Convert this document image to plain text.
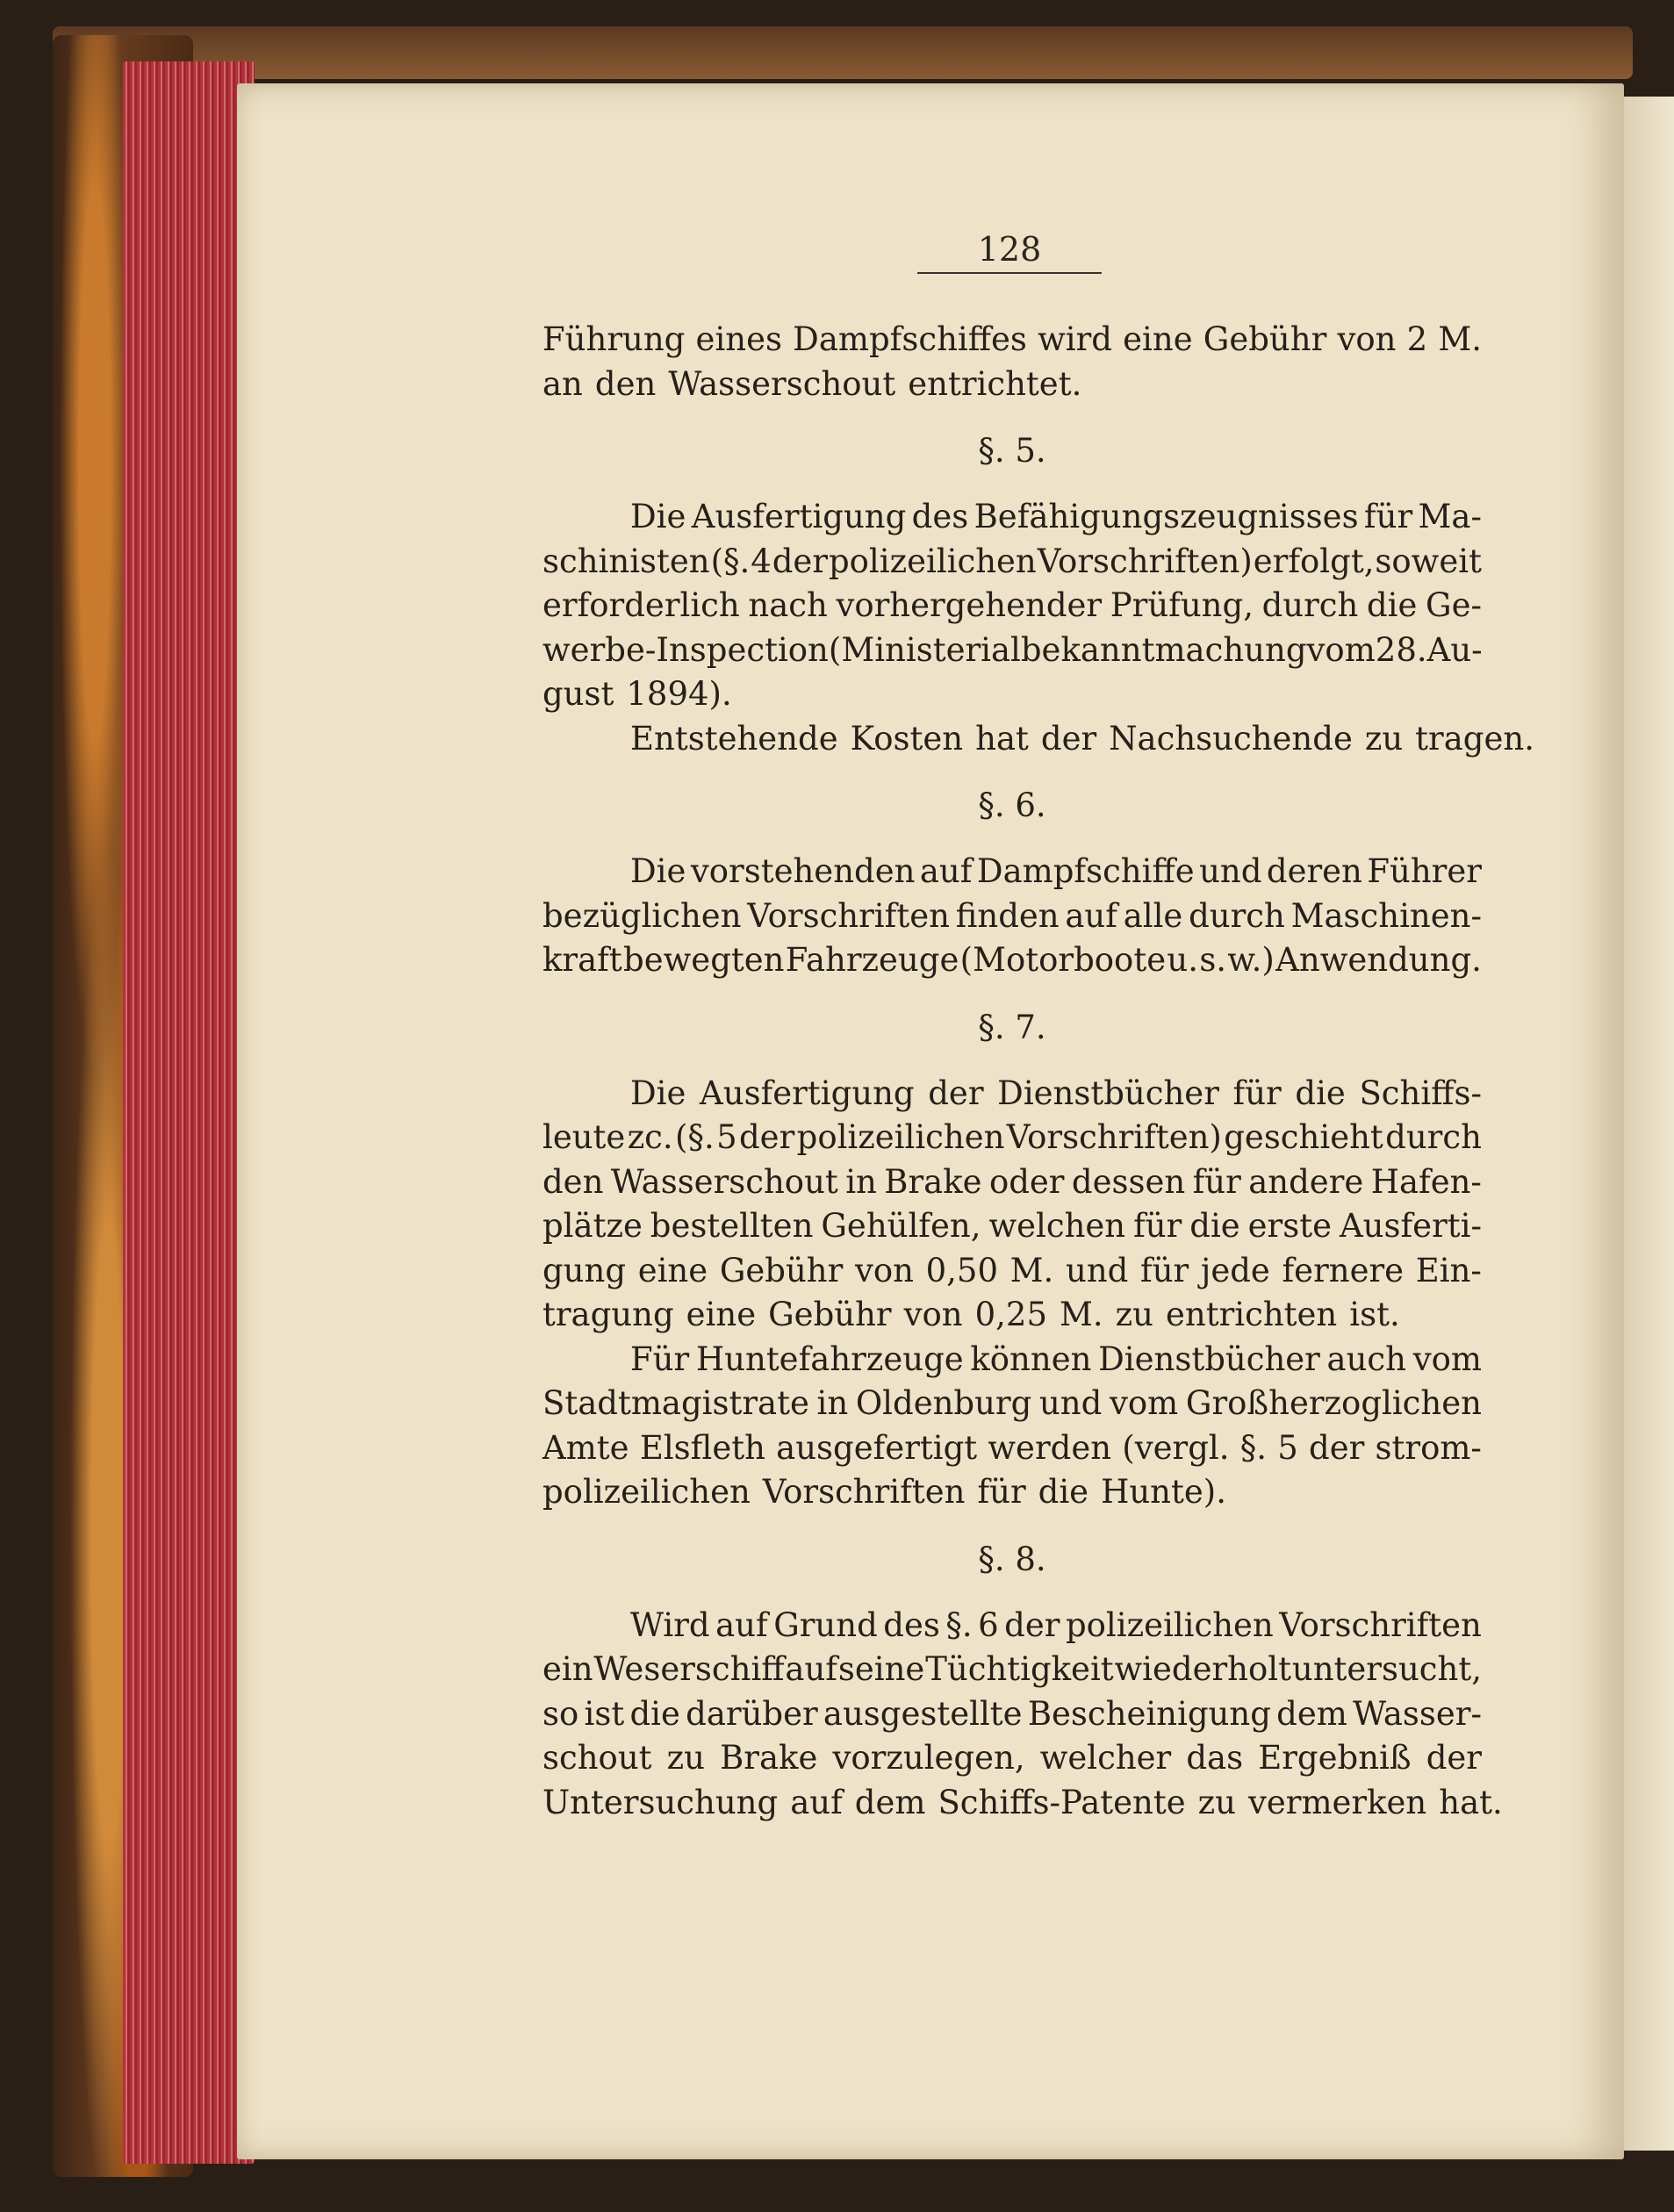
128
Führung eines Dampfschiffes wird eine Gebühr von 2 M.
an den Wasserschout entrichtet.
§. 5.
Die Ausfertigung des Befähigungszeugnisses für Ma-
schinisten (§. 4 der polizeilichen Vorschriften) erfolgt, soweit
erforderlich nach vorhergehender Prüfung, durch die Ge-
werbe-Inspection (Ministerialbekanntmachung vom 28. Au-
gust 1894).
Entstehende Kosten hat der Nachsuchende zu tragen.
§. 6.
Die vorstehenden auf Dampfschiffe und deren Führer
bezüglichen Vorschriften finden auf alle durch Maschinen-
kraft bewegten Fahrzeuge (Motorboote u. s. w.) Anwendung.
§. 7.
Die Ausfertigung der Dienstbücher für die Schiffs-
leute zc. (§. 5 der polizeilichen Vorschriften) geschieht durch
den Wasserschout in Brake oder dessen für andere Hafen-
plätze bestellten Gehülfen, welchen für die erste Ausferti-
gung eine Gebühr von 0,50 M. und für jede fernere Ein-
tragung eine Gebühr von 0,25 M. zu entrichten ist.
Für Huntefahrzeuge können Dienstbücher auch vom
Stadtmagistrate in Oldenburg und vom Großherzoglichen
Amte Elsfleth ausgefertigt werden (vergl. §. 5 der strom-
polizeilichen Vorschriften für die Hunte).
§. 8.
Wird auf Grund des §. 6 der polizeilichen Vorschriften
ein Weserschiff auf seine Tüchtigkeit wiederholt untersucht,
so ist die darüber ausgestellte Bescheinigung dem Wasser-
schout zu Brake vorzulegen, welcher das Ergebniß der
Untersuchung auf dem Schiffs-Patente zu vermerken hat.
